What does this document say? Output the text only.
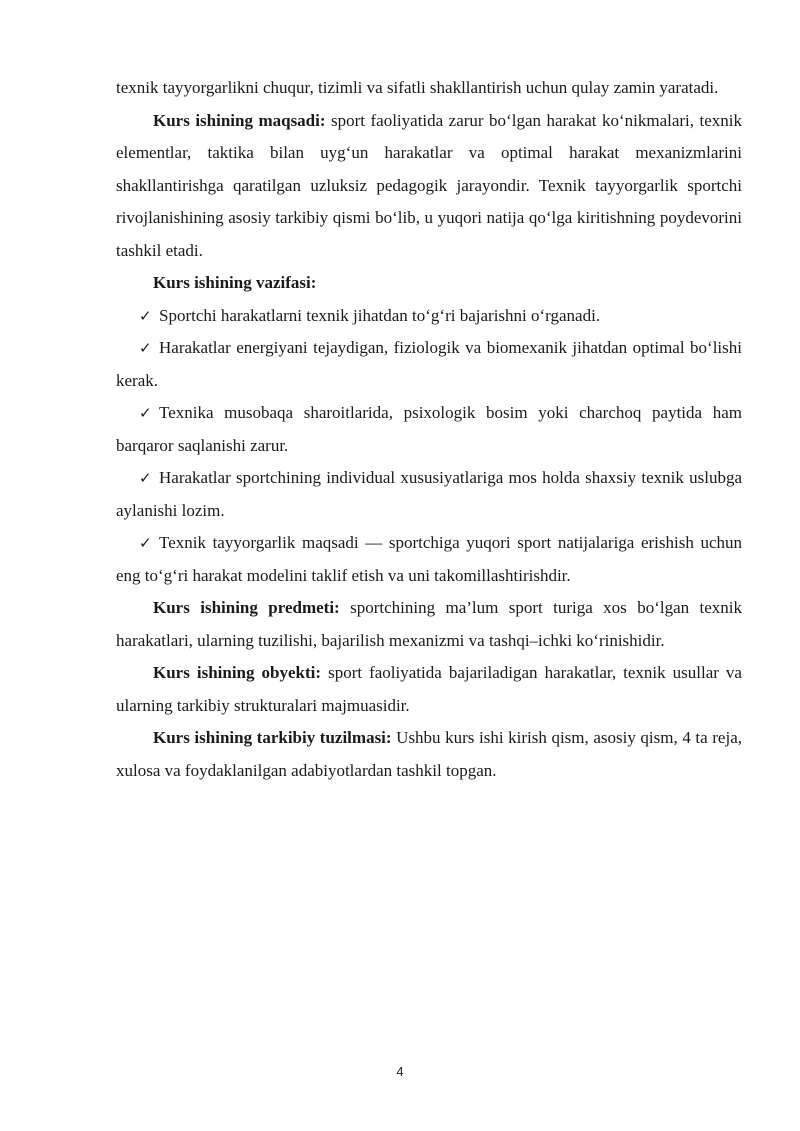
texnik tayyorgarlikni chuqur, tizimli va sifatli shakllantirish uchun qulay zamin yaratadi.

Kurs ishining maqsadi: sport faoliyatida zarur bo‘lgan harakat ko‘nikmalari, texnik elementlar, taktika bilan uyg‘un harakatlar va optimal harakat mexanizmlarini shakllantirishga qaratilgan uzluksiz pedagogik jarayondir. Texnik tayyorgarlik sportchi rivojlanishining asosiy tarkibiy qismi bo‘lib, u yuqori natija qo‘lga kiritishning poydevorini tashkil etadi.

Kurs ishining vazifasi:

✓ Sportchi harakatlarni texnik jihatdan to‘g‘ri bajarishni o‘rganadi.

✓ Harakatlar energiyani tejaydigan, fiziologik va biomexanik jihatdan optimal bo‘lishi kerak.

✓ Texnika musobaqa sharoitlarida, psixologik bosim yoki charchoq paytida ham barqaror saqlanishi zarur.

✓ Harakatlar sportchining individual xususiyatlariga mos holda shaxsiy texnik uslubga aylanishi lozim.

✓ Texnik tayyorgarlik maqsadi — sportchiga yuqori sport natijalariga erishish uchun eng to‘g‘ri harakat modelini taklif etish va uni takomillashtirishdir.

Kurs ishining predmeti: sportchining ma’lum sport turiga xos bo‘lgan texnik harakatlari, ularning tuzilishi, bajarilish mexanizmi va tashqi–ichki ko‘rinishidir.

Kurs ishining obyekti: sport faoliyatida bajariladigan harakatlar, texnik usullar va ularning tarkibiy strukturalari majmuasidir.

Kurs ishining tarkibiy tuzilmasi: Ushbu kurs ishi kirish qism, asosiy qism, 4 ta reja, xulosa va foydaklanilgan adabiyotlardan tashkil topgan.

4
